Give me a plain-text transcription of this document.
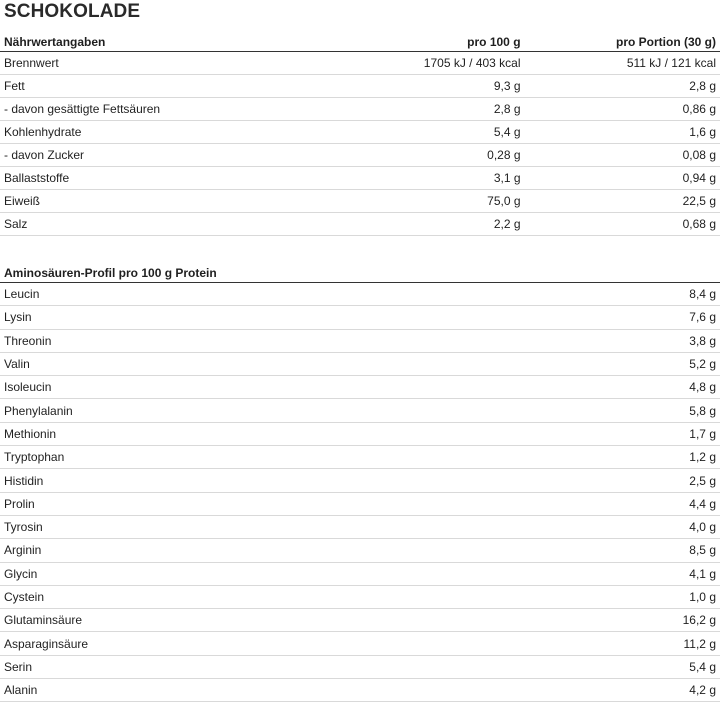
SCHOKOLADE
Nährwertangaben	pro 100 g	pro Portion (30 g)
Brennwert	1705 kJ / 403 kcal	511 kJ / 121 kcal
Fett	9,3 g	2,8 g
- davon gesättigte Fettsäuren	2,8 g	0,86 g
Kohlenhydrate	5,4 g	1,6 g
- davon Zucker	0,28 g	0,08 g
Ballaststoffe	3,1 g	0,94 g
Eiweiß	75,0 g	22,5 g
Salz	2,2 g	0,68 g
Aminosäuren-Profil pro 100 g Protein	
Leucin	8,4 g
Lysin	7,6 g
Threonin	3,8 g
Valin	5,2 g
Isoleucin	4,8 g
Phenylalanin	5,8 g
Methionin	1,7 g
Tryptophan	1,2 g
Histidin	2,5 g
Prolin	4,4 g
Tyrosin	4,0 g
Arginin	8,5 g
Glycin	4,1 g
Cystein	1,0 g
Glutaminsäure	16,2 g
Asparaginsäure	11,2 g
Serin	5,4 g
Alanin	4,2 g
